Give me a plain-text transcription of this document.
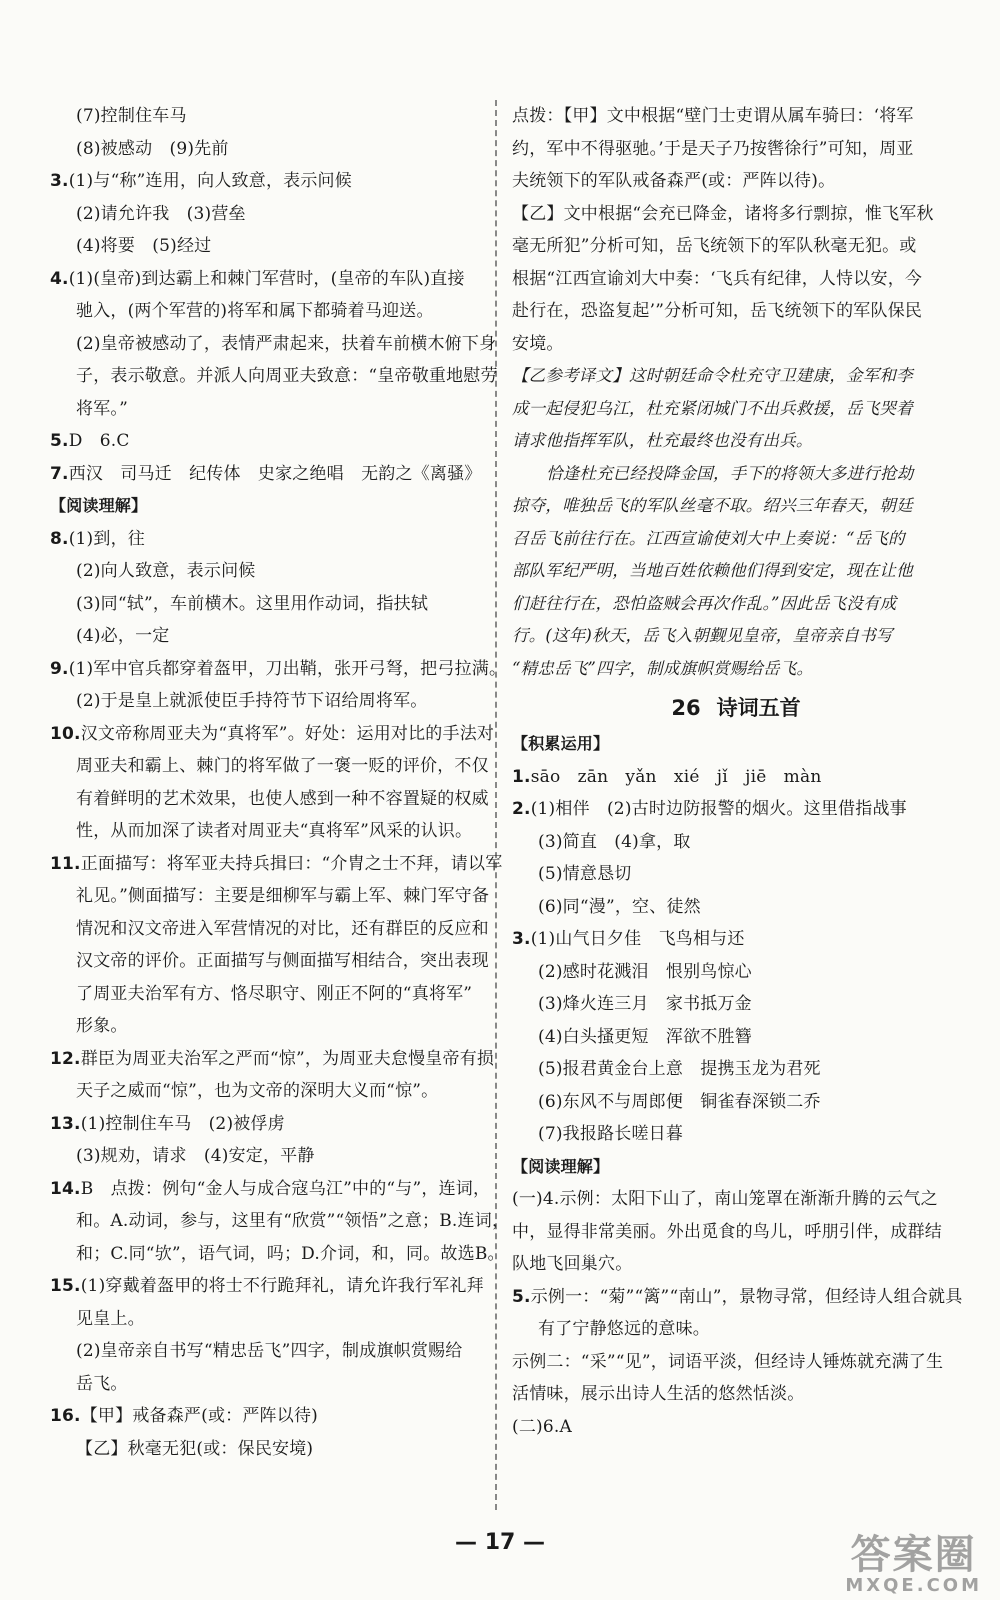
(7)控制住车马
(8)被感动　(9)先前
3.(1)与“称”连用，向人致意，表示问候
(2)请允许我　(3)营垒
(4)将要　(5)经过
4.(1)(皇帝)到达霸上和棘门军营时，(皇帝的车队)直接
驰入，(两个军营的)将军和属下都骑着马迎送。
(2)皇帝被感动了，表情严肃起来，扶着车前横木俯下身
子，表示敬意。并派人向周亚夫致意：“皇帝敬重地慰劳
将军。”
5.D　6.C
7.西汉　司马迁　纪传体　史家之绝唱　无韵之《离骚》
【阅读理解】
8.(1)到，往
(2)向人致意，表示问候
(3)同“轼”，车前横木。这里用作动词，指扶轼
(4)必，一定
9.(1)军中官兵都穿着盔甲，刀出鞘，张开弓弩，把弓拉满。
(2)于是皇上就派使臣手持符节下诏给周将军。
10.汉文帝称周亚夫为“真将军”。好处：运用对比的手法对
周亚夫和霸上、棘门的将军做了一褒一贬的评价，不仅
有着鲜明的艺术效果，也使人感到一种不容置疑的权威
性，从而加深了读者对周亚夫“真将军”风采的认识。
11.正面描写：将军亚夫持兵揖曰：“介胄之士不拜，请以军
礼见。”侧面描写：主要是细柳军与霸上军、棘门军守备
情况和汉文帝进入军营情况的对比，还有群臣的反应和
汉文帝的评价。正面描写与侧面描写相结合，突出表现
了周亚夫治军有方、恪尽职守、刚正不阿的“真将军”
形象。
12.群臣为周亚夫治军之严而“惊”，为周亚夫怠慢皇帝有损
天子之威而“惊”，也为文帝的深明大义而“惊”。
13.(1)控制住车马　(2)被俘虏
(3)规劝，请求　(4)安定，平静
14.B　点拨：例句“金人与成合寇乌江”中的“与”，连词，
和。A.动词，参与，这里有“欣赏”“领悟”之意；B.连词，
和；C.同“欤”，语气词，吗；D.介词，和，同。故选B。
15.(1)穿戴着盔甲的将士不行跪拜礼，请允许我行军礼拜
见皇上。
(2)皇帝亲自书写“精忠岳飞”四字，制成旗帜赏赐给
岳飞。
16.【甲】戒备森严(或：严阵以待)
【乙】秋毫无犯(或：保民安境)
点拨：【甲】文中根据“壁门士吏谓从属车骑曰：‘将军
约，军中不得驱驰。’于是天子乃按辔徐行”可知，周亚
夫统领下的军队戒备森严(或：严阵以待)。
【乙】文中根据“会充已降金，诸将多行剽掠，惟飞军秋
毫无所犯”分析可知，岳飞统领下的军队秋毫无犯。或
根据“江西宣谕刘大中奏：‘飞兵有纪律，人恃以安，今
赴行在，恐盗复起’”分析可知，岳飞统领下的军队保民
安境。
【乙参考译文】这时朝廷命令杜充守卫建康，金军和李
成一起侵犯乌江，杜充紧闭城门不出兵救援，岳飞哭着
请求他指挥军队，杜充最终也没有出兵。
恰逢杜充已经投降金国，手下的将领大多进行抢劫
掠夺，唯独岳飞的军队丝毫不取。绍兴三年春天，朝廷
召岳飞前往行在。江西宣谕使刘大中上奏说：“岳飞的
部队军纪严明，当地百姓依赖他们得到安定，现在让他
们赶往行在，恐怕盗贼会再次作乱。”因此岳飞没有成
行。(这年)秋天，岳飞入朝觐见皇帝，皇帝亲自书写
“精忠岳飞”四字，制成旗帜赏赐给岳飞。
26 诗词五首
【积累运用】
1.sāo　zān　yǎn　xié　jǐ　jiē　màn
2.(1)相伴　(2)古时边防报警的烟火。这里借指战事
(3)简直　(4)拿，取
(5)情意恳切
(6)同“漫”，空、徒然
3.(1)山气日夕佳　飞鸟相与还
(2)感时花溅泪　恨别鸟惊心
(3)烽火连三月　家书抵万金
(4)白头搔更短　浑欲不胜簪
(5)报君黄金台上意　提携玉龙为君死
(6)东风不与周郎便　铜雀春深锁二乔
(7)我报路长嗟日暮
【阅读理解】
(一)4.示例：太阳下山了，南山笼罩在渐渐升腾的云气之
中，显得非常美丽。外出觅食的鸟儿，呼朋引伴，成群结
队地飞回巢穴。
5.示例一：“菊”“篱”“南山”，景物寻常，但经诗人组合就具
有了宁静悠远的意味。
示例二：“采”“见”，词语平淡，但经诗人锤炼就充满了生
活情味，展示出诗人生活的悠然恬淡。
(二)6.A
— 17 —	答案圈
MXQE.COM
